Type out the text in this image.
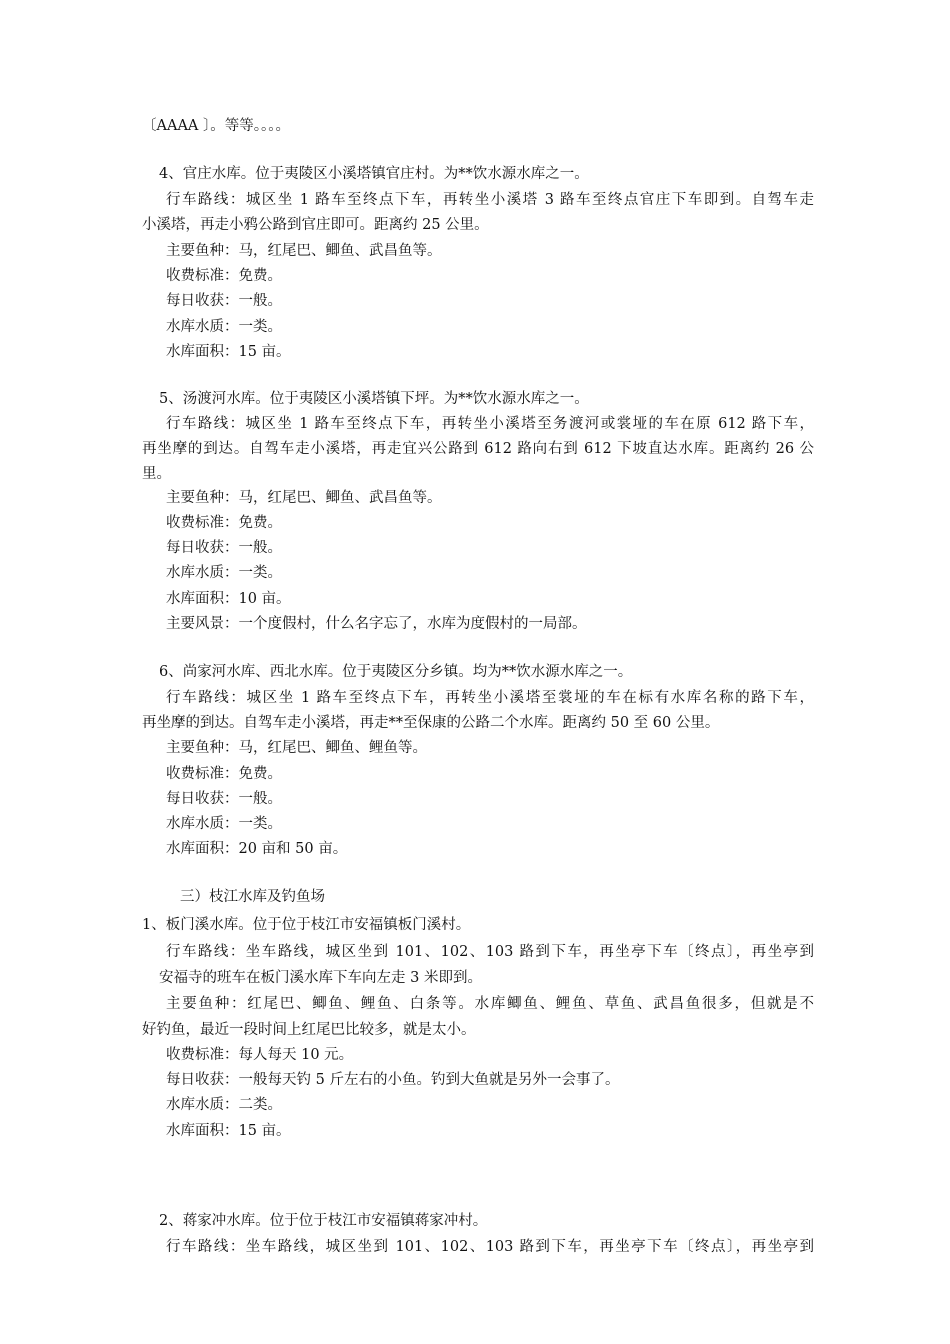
〔AAAA 〕。等等。。。。
4、官庄水库。位于夷陵区小溪塔镇官庄村。为**饮水源水库之一。
行车路线：城区坐 1 路车至终点下车，再转坐小溪塔 3 路车至终点官庄下车即到。自驾车走
小溪塔，再走小鸦公路到官庄即可。距离约 25 公里。
主要鱼种：马，红尾巴、鲫鱼、武昌鱼等。
收费标准：免费。
每日收获：一般。
水库水质：一类。
水库面积：15 亩。
5、汤渡河水库。位于夷陵区小溪塔镇下坪。为**饮水源水库之一。
行车路线：城区坐 1 路车至终点下车，再转坐小溪塔至务渡河或裳垭的车在原 612 路下车，
再坐摩的到达。自驾车走小溪塔，再走宜兴公路到 612 路向右到 612 下坡直达水库。距离约 26 公
里。
主要鱼种：马，红尾巴、鲫鱼、武昌鱼等。
收费标准：免费。
每日收获：一般。
水库水质：一类。
水库面积：10 亩。
主要风景：一个度假村，什么名字忘了，水库为度假村的一局部。
6、尚家河水库、西北水库。位于夷陵区分乡镇。均为**饮水源水库之一。
行车路线：城区坐 1 路车至终点下车，再转坐小溪塔至裳垭的车在标有水库名称的路下车，
再坐摩的到达。自驾车走小溪塔，再走**至保康的公路二个水库。距离约 50 至 60 公里。
主要鱼种：马，红尾巴、鲫鱼、鲤鱼等。
收费标准：免费。
每日收获：一般。
水库水质：一类。
水库面积：20 亩和 50 亩。
三）枝江水库及钓鱼场
1、板门溪水库。位于位于枝江市安福镇板门溪村。
行车路线：坐车路线，城区坐到 101、102、103 路到下车，再坐亭下车〔终点〕，再坐亭到
安福寺的班车在板门溪水库下车向左走 3 米即到。
主要鱼种：红尾巴、鲫鱼、鲤鱼、白条等。水库鲫鱼、鲤鱼、草鱼、武昌鱼很多，但就是不
好钓鱼，最近一段时间上红尾巴比较多，就是太小。
收费标准：每人每天 10 元。
每日收获：一般每天钓 5 斤左右的小鱼。钓到大鱼就是另外一会事了。
水库水质：二类。
水库面积：15 亩。
2、蒋家冲水库。位于位于枝江市安福镇蒋家冲村。
行车路线：坐车路线，城区坐到 101、102、103 路到下车，再坐亭下车〔终点〕，再坐亭到
